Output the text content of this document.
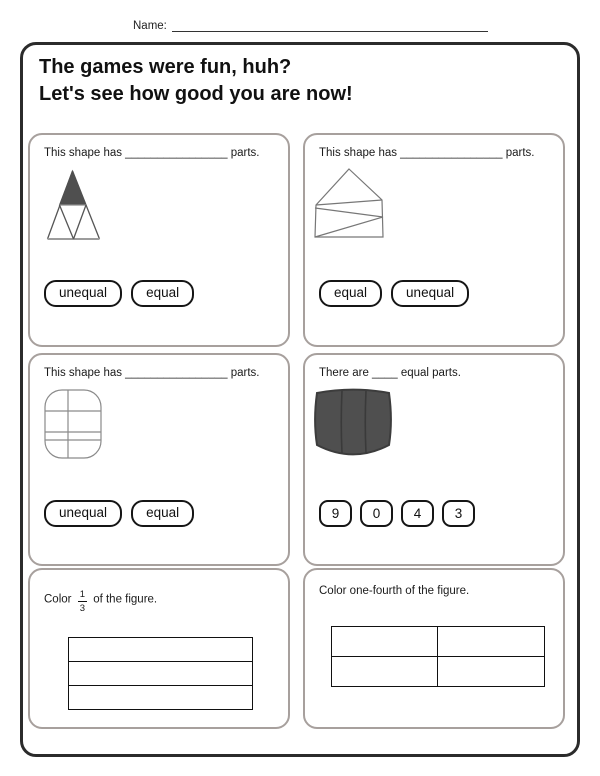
Name:
The games were fun, huh?
Let's see how good you are now!

This shape has ________________ parts.

unequal	equal

This shape has ________________ parts.

equal	unequal

This shape has ________________ parts.

unequal	equal

There are ____ equal parts.

9	0	4	3

Color $\frac{1}{3}$ of the figure.

Color one-fourth of the figure.
